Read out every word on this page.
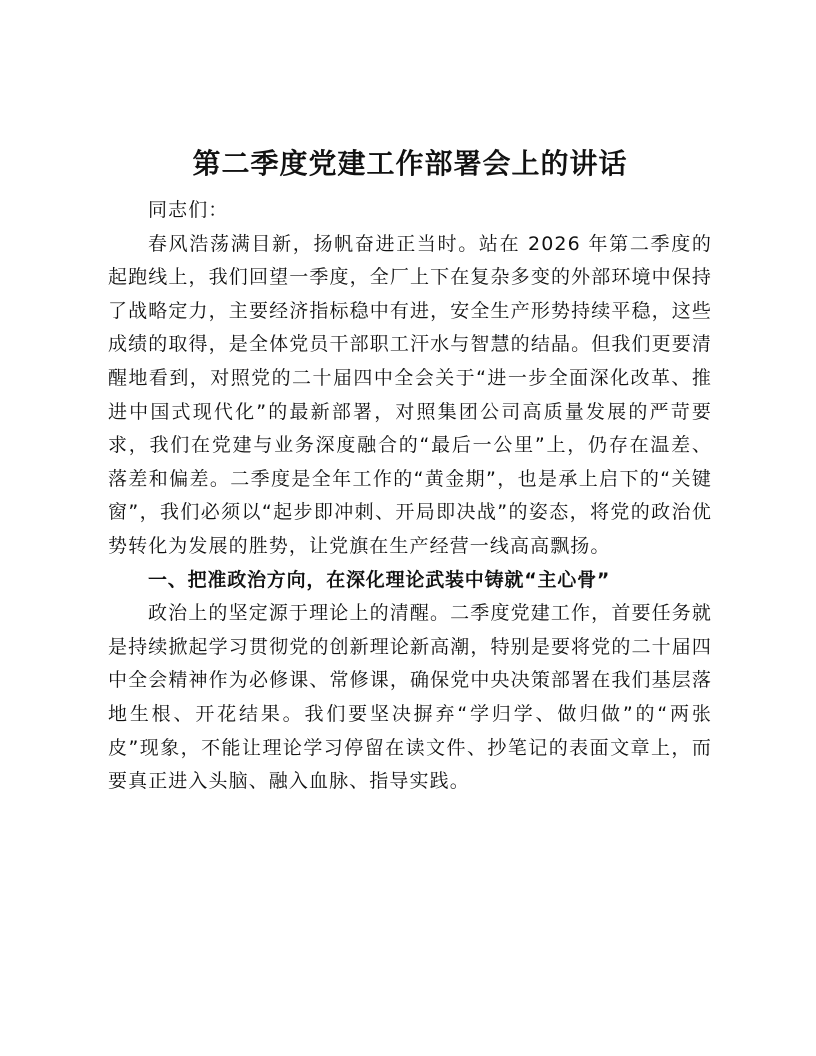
第二季度党建工作部署会上的讲话

同志们：

春风浩荡满目新，扬帆奋进正当时。站在 2026 年第二季度的起跑线上，我们回望一季度，全厂上下在复杂多变的外部环境中保持了战略定力，主要经济指标稳中有进，安全生产形势持续平稳，这些成绩的取得，是全体党员干部职工汗水与智慧的结晶。但我们更要清醒地看到，对照党的二十届四中全会关于“进一步全面深化改革、推进中国式现代化”的最新部署，对照集团公司高质量发展的严苛要求，我们在党建与业务深度融合的“最后一公里”上，仍存在温差、落差和偏差。二季度是全年工作的“黄金期”，也是承上启下的“关键窗”，我们必须以“起步即冲刺、开局即决战”的姿态，将党的政治优势转化为发展的胜势，让党旗在生产经营一线高高飘扬。

一、把准政治方向，在深化理论武装中铸就“主心骨”

政治上的坚定源于理论上的清醒。二季度党建工作，首要任务就是持续掀起学习贯彻党的创新理论新高潮，特别是要将党的二十届四中全会精神作为必修课、常修课，确保党中央决策部署在我们基层落地生根、开花结果。我们要坚决摒弃“学归学、做归做”的“两张皮”现象，不能让理论学习停留在读文件、抄笔记的表面文章上，而要真正进入头脑、融入血脉、指导实践。
